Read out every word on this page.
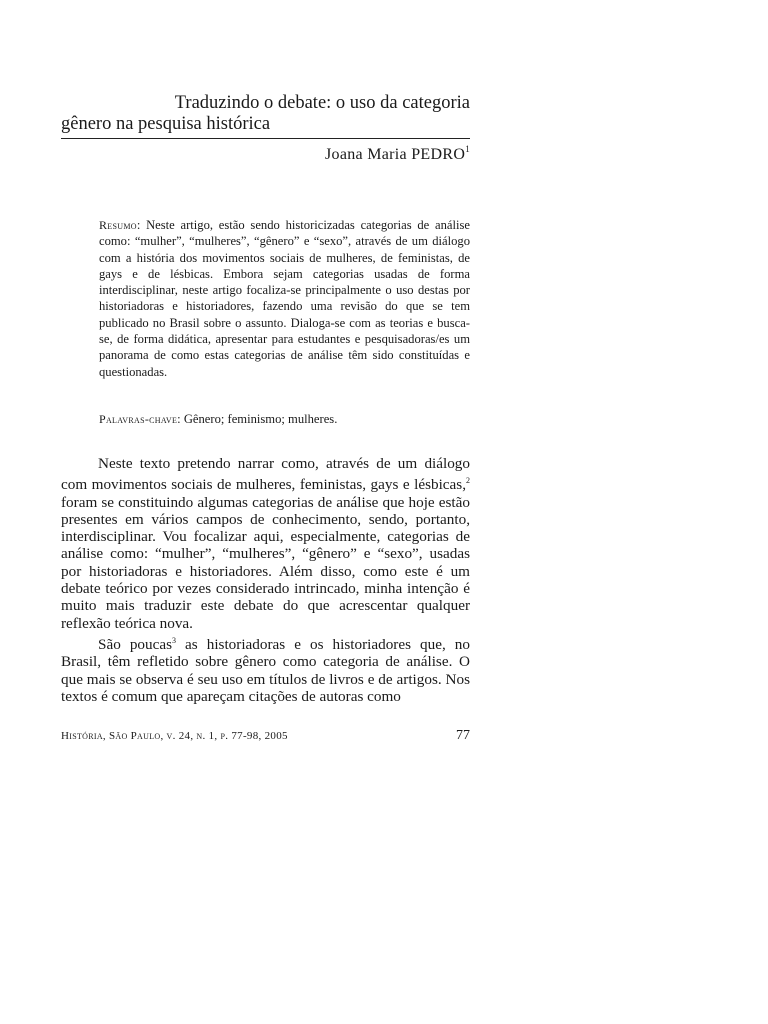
Traduzindo o debate: o uso da categoria
gênero na pesquisa histórica
Joana Maria PEDRO$^1$
Resumo: Neste artigo, estão sendo historicizadas categorias de análise como: “mulher”, “mulheres”, “gênero” e “sexo”, através de um diálogo com a história dos movimentos sociais de mulheres, de feministas, de gays e de lésbicas. Embora sejam categorias usadas de forma interdisciplinar, neste artigo focaliza-se principalmente o uso destas por historiadoras e historiadores, fazendo uma revisão do que se tem publicado no Brasil sobre o assunto. Dialoga-se com as teorias e busca-se, de forma didática, apresentar para estudantes e pesquisadoras/es um panorama de como estas categorias de análise têm sido constituídas e questionadas.
Palavras-chave: Gênero; feminismo; mulheres.

Neste texto pretendo narrar como, através de um diálogo com movimentos sociais de mulheres, feministas, gays e lésbicas,$^2$ foram se constituindo algumas categorias de análise que hoje estão presentes em vários campos de conhecimento, sendo, portanto, interdisciplinar. Vou focalizar aqui, especialmente, categorias de análise como: “mulher”, “mulheres”, “gênero” e “sexo”, usadas por historiadoras e historiadores. Além disso, como este é um debate teórico por vezes considerado intrincado, minha intenção é muito mais traduzir este debate do que acrescentar qualquer reflexão teórica nova.

São poucas$^3$ as historiadoras e os historiadores que, no Brasil, têm refletido sobre gênero como categoria de análise. O que mais se observa é seu uso em títulos de livros e de artigos. Nos textos é comum que apareçam citações de autoras como

História, São Paulo, v. 24, n. 1, p. 77-98, 2005	77
